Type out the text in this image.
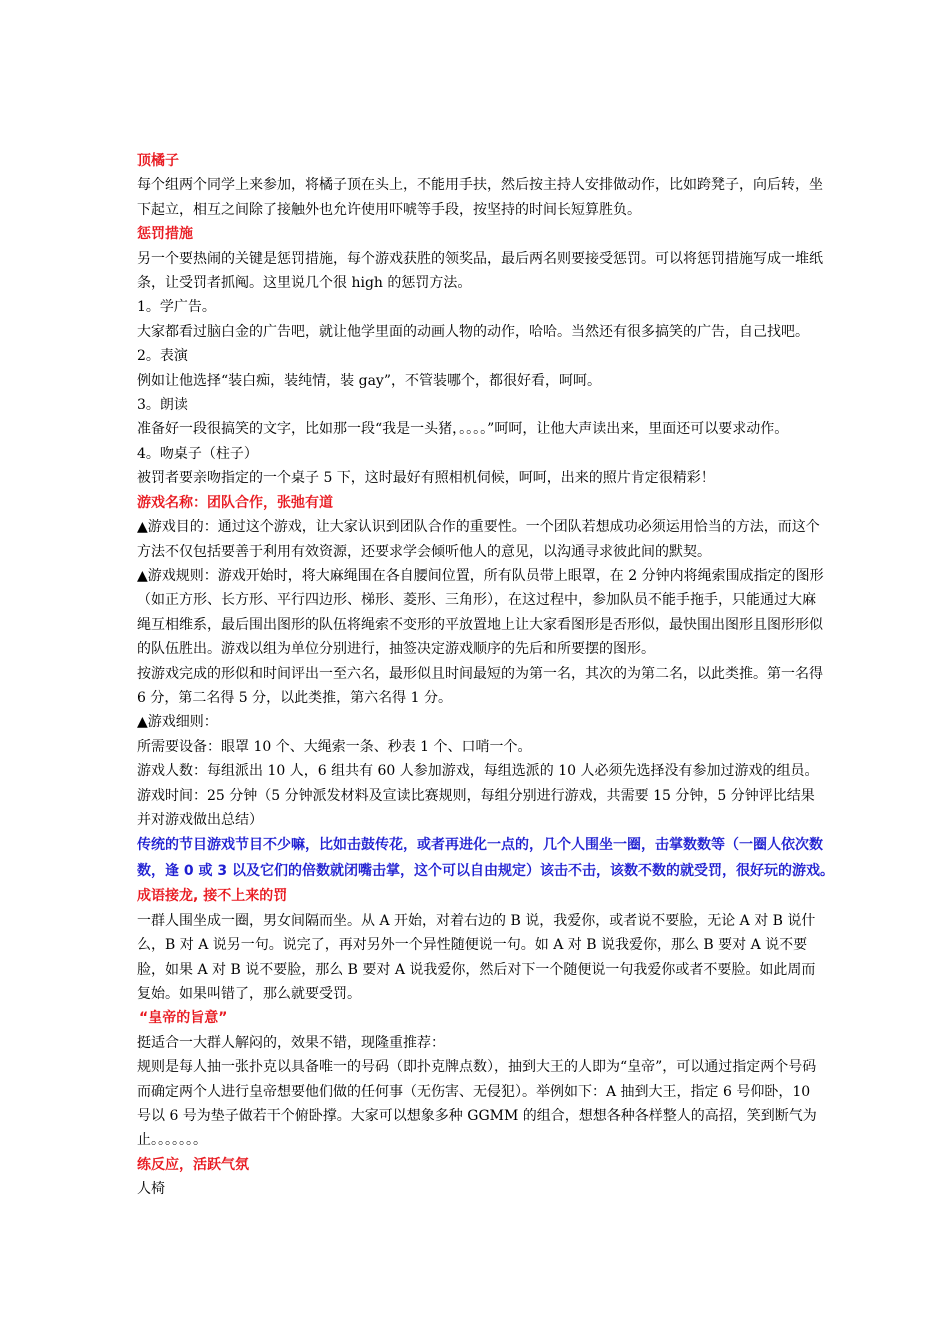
顶橘子

每个组两个同学上来参加，将橘子顶在头上，不能用手扶，然后按主持人安排做动作，比如跨凳子，向后转，坐下起立，相互之间除了接触外也允许使用吓唬等手段，按坚持的时间长短算胜负。

惩罚措施

另一个要热闹的关键是惩罚措施，每个游戏获胜的领奖品，最后两名则要接受惩罚。可以将惩罚措施写成一堆纸条，让受罚者抓阄。这里说几个很 high 的惩罚方法。

1。学广告。

大家都看过脑白金的广告吧，就让他学里面的动画人物的动作，哈哈。当然还有很多搞笑的广告，自己找吧。

2。表演

例如让他选择“装白痴，装纯情，装 gay”，不管装哪个，都很好看，呵呵。

3。朗读

准备好一段很搞笑的文字，比如那一段“我是一头猪，。。。。”呵呵，让他大声读出来，里面还可以要求动作。

4。吻桌子（柱子）

被罚者要亲吻指定的一个桌子 5 下，这时最好有照相机伺候，呵呵，出来的照片肯定很精彩！

游戏名称：团队合作，张弛有道

▲游戏目的：通过这个游戏，让大家认识到团队合作的重要性。一个团队若想成功必须运用恰当的方法，而这个方法不仅包括要善于利用有效资源，还要求学会倾听他人的意见，以沟通寻求彼此间的默契。

▲游戏规则：游戏开始时，将大麻绳围在各自腰间位置，所有队员带上眼罩，在 2 分钟内将绳索围成指定的图形（如正方形、长方形、平行四边形、梯形、菱形、三角形），在这过程中，参加队员不能手拖手，只能通过大麻绳互相维系，最后围出图形的队伍将绳索不变形的平放置地上让大家看图形是否形似，最快围出图形且图形形似的队伍胜出。游戏以组为单位分别进行，抽签决定游戏顺序的先后和所要摆的图形。

按游戏完成的形似和时间评出一至六名，最形似且时间最短的为第一名，其次的为第二名，以此类推。第一名得 6 分，第二名得 5 分，以此类推，第六名得 1 分。

▲游戏细则：

所需要设备：眼罩 10 个、大绳索一条、秒表 1 个、口哨一个。

游戏人数：每组派出 10 人，6 组共有 60 人参加游戏，每组选派的 10 人必须先选择没有参加过游戏的组员。

游戏时间：25 分钟（5 分钟派发材料及宣读比赛规则，每组分别进行游戏，共需要 15 分钟，5 分钟评比结果并对游戏做出总结）

传统的节目游戏节目不少嘛，比如击鼓传花，或者再进化一点的，几个人围坐一圈，击掌数数等（一圈人依次数数，逢 0 或 3 以及它们的倍数就闭嘴击掌，这个可以自由规定）该击不击，该数不数的就受罚，很好玩的游戏。

成语接龙, 接不上来的罚

一群人围坐成一圈，男女间隔而坐。从 A 开始，对着右边的 B 说，我爱你，或者说不要脸，无论 A 对 B 说什么，B 对 A 说另一句。说完了，再对另外一个异性随便说一句。如 A 对 B 说我爱你，那么 B 要对 A 说不要脸，如果 A 对 B 说不要脸，那么 B 要对 A 说我爱你，然后对下一个随便说一句我爱你或者不要脸。如此周而复始。如果叫错了，那么就要受罚。

“皇帝的旨意”

挺适合一大群人解闷的，效果不错，现隆重推荐：

规则是每人抽一张扑克以具备唯一的号码（即扑克牌点数），抽到大王的人即为“皇帝”，可以通过指定两个号码而确定两个人进行皇帝想要他们做的任何事（无伤害、无侵犯）。举例如下：A 抽到大王，指定 6 号仰卧，10 号以 6 号为垫子做若干个俯卧撑。大家可以想象多种 GGMM 的组合，想想各种各样整人的高招，笑到断气为止。。。。。。。

练反应，活跃气氛

人椅
